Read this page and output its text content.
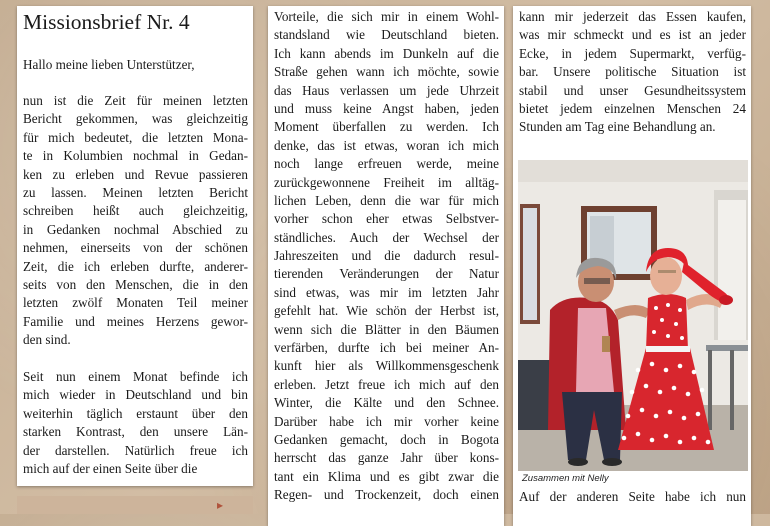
Missionsbrief Nr. 4
Hallo meine lieben Unterstützer,
nun ist die Zeit für meinen letzten
Bericht gekommen, was gleichzeitig
für mich bedeutet, die letzten Mona-
te in Kolumbien nochmal in Gedan-
ken zu erleben und Revue passieren
zu lassen. Meinen letzten Bericht
schreiben heißt auch gleichzeitig,
in Gedanken nochmal Abschied zu
nehmen, einerseits von der schönen
Zeit, die ich erleben durfte, anderer-
seits von den Menschen, die in den
letzten zwölf Monaten Teil meiner
Familie und meines Herzens gewor-
den sind.
Seit nun einem Monat befinde ich
mich wieder in Deutschland und bin
weiterhin täglich erstaunt über den
starken Kontrast, den unsere Län-
der darstellen. Natürlich freue ich
mich auf der einen Seite über die
▸
Vorteile, die sich mir in einem Wohl-
standsland wie Deutschland bieten.
Ich kann abends im Dunkeln auf die
Straße gehen wann ich möchte, sowie
das Haus verlassen um jede Uhrzeit
und muss keine Angst haben, jeden
Moment überfallen zu werden. Ich
denke, das ist etwas, woran ich mich
noch lange erfreuen werde, meine
zurückgewonnene Freiheit im alltäg-
lichen Leben, denn die war für mich
vorher schon eher etwas Selbstver-
ständliches. Auch der Wechsel der
Jahreszeiten und die dadurch resul-
tierenden Veränderungen der Natur
sind etwas, was mir im letzten Jahr
gefehlt hat. Wie schön der Herbst ist,
wenn sich die Blätter in den Bäumen
verfärben, durfte ich bei meiner An-
kunft hier als Willkommensgeschenk
erleben. Jetzt freue ich mich auf den
Winter, die Kälte und den Schnee.
Darüber habe ich mir vorher keine
Gedanken gemacht, doch in Bogota
herrscht das ganze Jahr über kons-
tant ein Klima und es gibt zwar die
Regen- und Trockenzeit, doch einen
kann mir jederzeit das Essen kaufen,
was mir schmeckt und es ist an jeder
Ecke, in jedem Supermarkt, verfüg-
bar. Unsere politische Situation ist
stabil und unser Gesundheitssystem
bietet jedem einzelnen Menschen 24
Stunden am Tag eine Behandlung an.
Zusammen mit Nelly
Auf der anderen Seite habe ich nun
